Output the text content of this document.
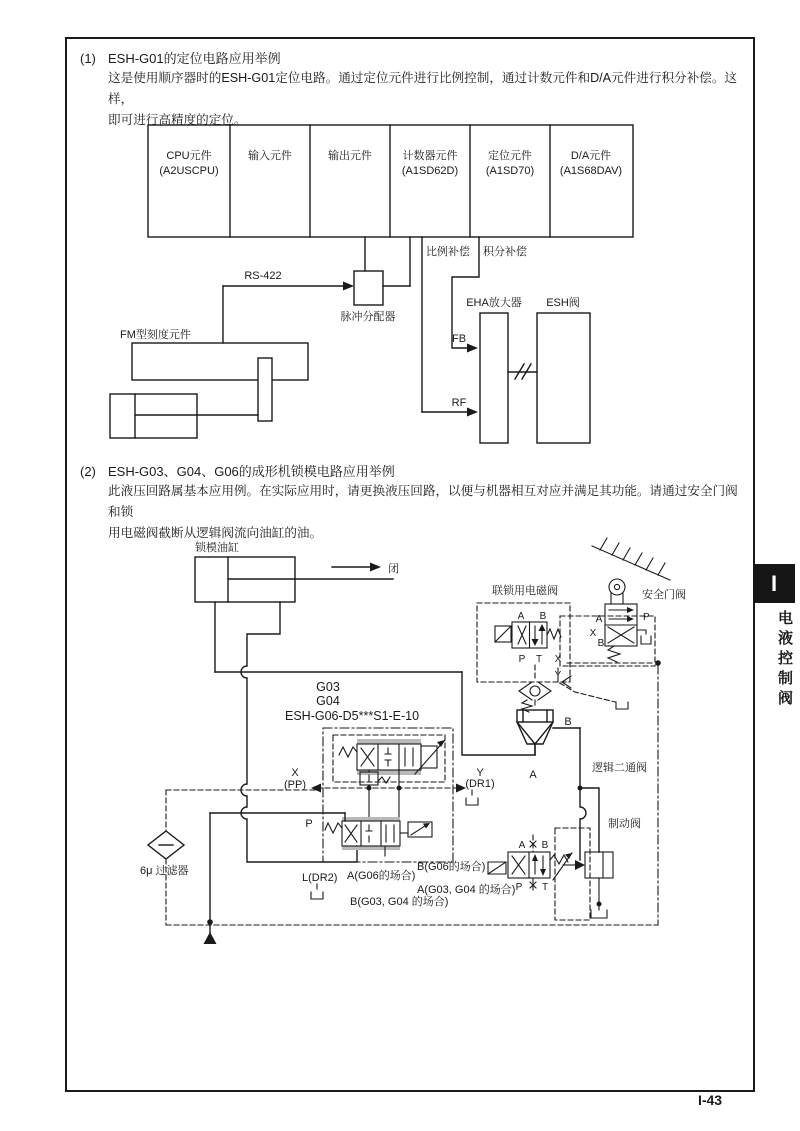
I
电液控制阀
I-43
(1) ESH-G01的定位电路应用举例
这是使用顺序器时的ESH-G01定位电路。通过定位元件进行比例控制，通过计数元件和D/A元件进行积分补偿。这样，
即可进行高精度的定位。
CPU元件
(A2USCPU)
输入元件	输出元件	计数器元件
(A1SD62D)
定位元件
(A1SD70)
D/A元件
(A1S68DAV)
脉冲分配器
RS-422
比例补偿
RF
积分补偿
FB
EHA放大器 ESH阀
FM型刻度元件
(2) ESH-G03、G04、G06的成形机锁模电路应用举例
此液压回路属基本应用例。在实际应用时，请更换液压回路，以便与机器相互对应并满足其功能。请通过安全门阀和锁
用电磁阀截断从逻辑阀流向油缸的油。
锁模油缸
闭
联锁用电磁阀
A B
P T X
Y
安全门阀
A	P
X
B
B
A
逻辑二通阀
G03
G04
ESH-G06-D5***S1-E-10
X
(PP)
Y
(DR1)
P
6μ 过滤器
L(DR2) A(G06的场合)
B(G06的场合)
A(G03, G04 的场合)
B(G03, G04 的场合)
A B
P T
制动阀
